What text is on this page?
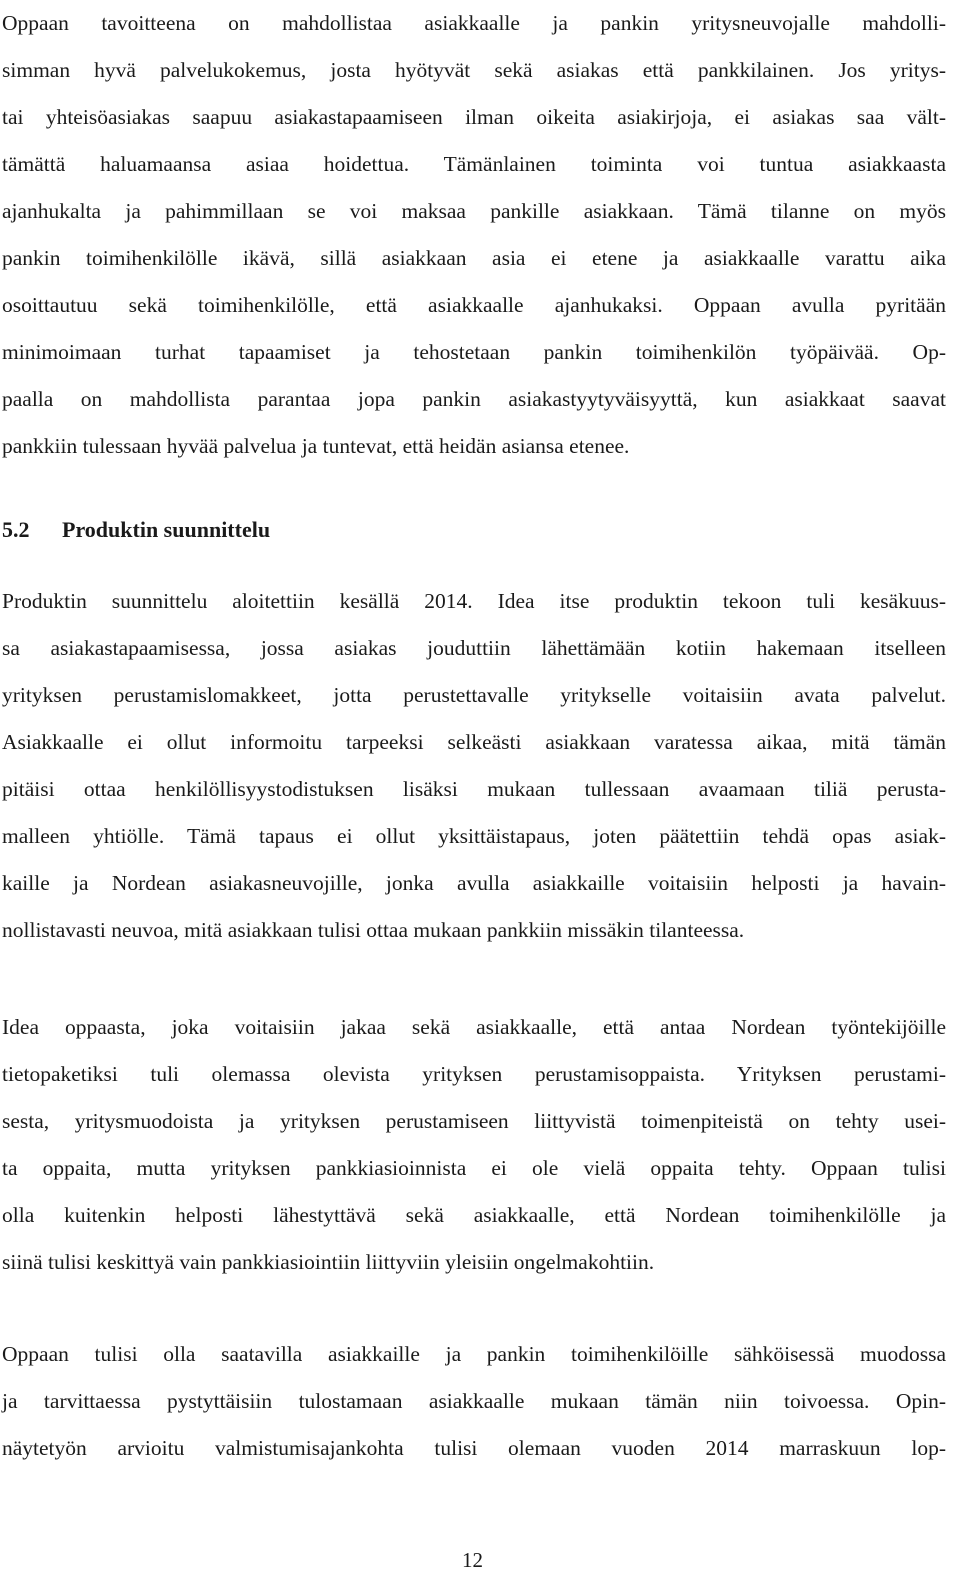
Oppaan tavoitteena on mahdollistaa asiakkaalle ja pankin yritysneuvojalle mahdolli-
simman hyvä palvelukokemus, josta hyötyvät sekä asiakas että pankkilainen. Jos yritys-
tai yhteisöasiakas saapuu asiakastapaamiseen ilman oikeita asiakirjoja, ei asiakas saa vält-
tämättä haluamaansa asiaa hoidettua. Tämänlainen toiminta voi tuntua asiakkaasta
ajanhukalta ja pahimmillaan se voi maksaa pankille asiakkaan. Tämä tilanne on myös
pankin toimihenkilölle ikävä, sillä asiakkaan asia ei etene ja asiakkaalle varattu aika
osoittautuu sekä toimihenkilölle, että asiakkaalle ajanhukaksi. Oppaan avulla pyritään
minimoimaan turhat tapaamiset ja tehostetaan pankin toimihenkilön työpäivää. Op-
paalla on mahdollista parantaa jopa pankin asiakastyytyväisyyttä, kun asiakkaat saavat
pankkiin tulessaan hyvää palvelua ja tuntevat, että heidän asiansa etenee.
5.2 Produktin suunnittelu
Produktin suunnittelu aloitettiin kesällä 2014. Idea itse produktin tekoon tuli kesäkuus-
sa asiakastapaamisessa, jossa asiakas jouduttiin lähettämään kotiin hakemaan itselleen
yrityksen perustamislomakkeet, jotta perustettavalle yritykselle voitaisiin avata palvelut.
Asiakkaalle ei ollut informoitu tarpeeksi selkeästi asiakkaan varatessa aikaa, mitä tämän
pitäisi ottaa henkilöllisyystodistuksen lisäksi mukaan tullessaan avaamaan tiliä perusta-
malleen yhtiölle. Tämä tapaus ei ollut yksittäistapaus, joten päätettiin tehdä opas asiak-
kaille ja Nordean asiakasneuvojille, jonka avulla asiakkaille voitaisiin helposti ja havain-
nollistavasti neuvoa, mitä asiakkaan tulisi ottaa mukaan pankkiin missäkin tilanteessa.
Idea oppaasta, joka voitaisiin jakaa sekä asiakkaalle, että antaa Nordean työntekijöille
tietopaketiksi tuli olemassa olevista yrityksen perustamisoppaista. Yrityksen perustami-
sesta, yritysmuodoista ja yrityksen perustamiseen liittyvistä toimenpiteistä on tehty usei-
ta oppaita, mutta yrityksen pankkiasioinnista ei ole vielä oppaita tehty. Oppaan tulisi
olla kuitenkin helposti lähestyttävä sekä asiakkaalle, että Nordean toimihenkilölle ja
siinä tulisi keskittyä vain pankkiasiointiin liittyviin yleisiin ongelmakohtiin.
Oppaan tulisi olla saatavilla asiakkaille ja pankin toimihenkilöille sähköisessä muodossa
ja tarvittaessa pystyttäisiin tulostamaan asiakkaalle mukaan tämän niin toivoessa. Opin-
näytetyön arvioitu valmistumisajankohta tulisi olemaan vuoden 2014 marraskuun lop-
12
